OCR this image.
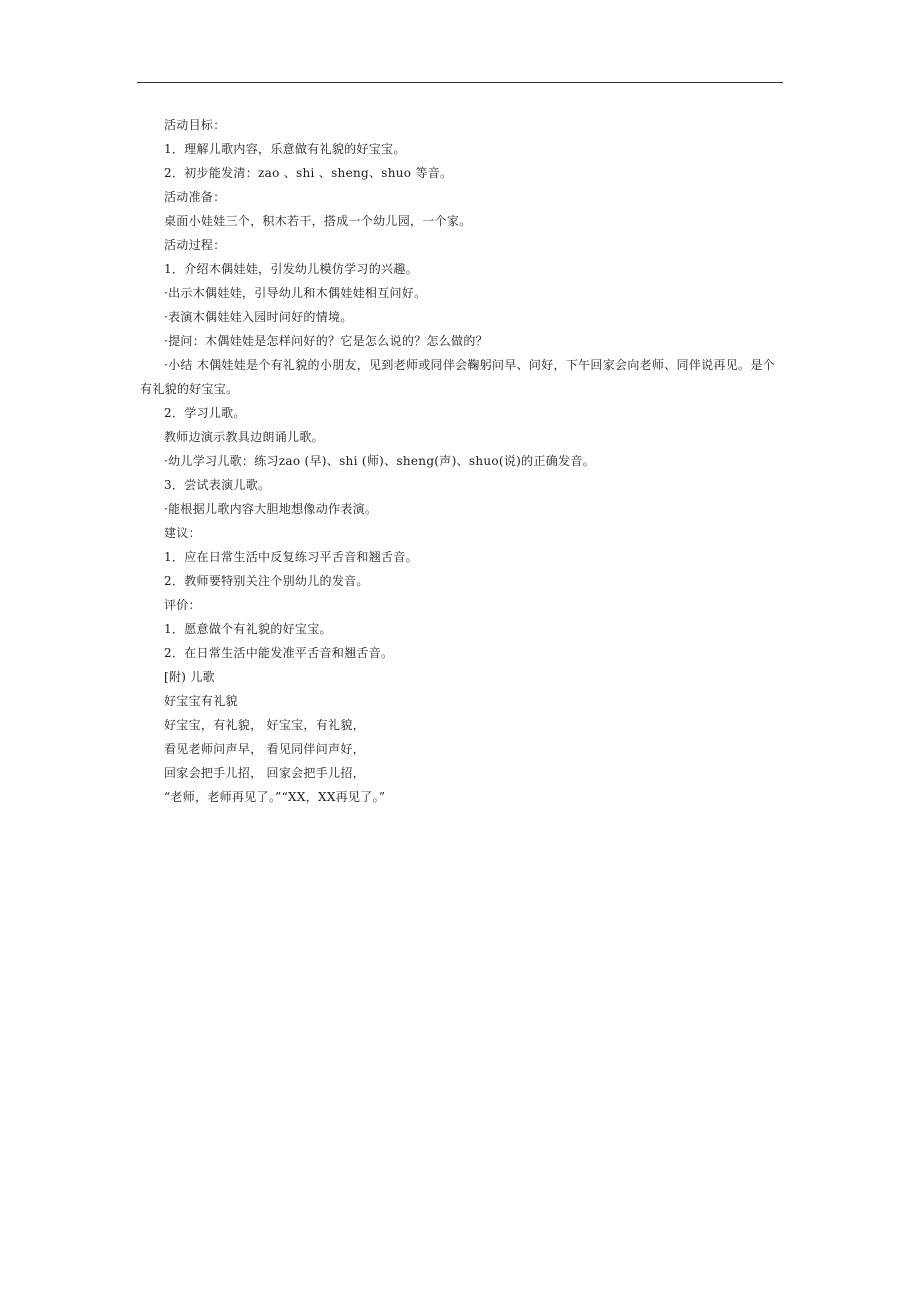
活动目标：
1．理解儿歌内容，乐意做有礼貌的好宝宝。
2．初步能发清：zao 、shi 、sheng、shuo 等音。
活动准备：
桌面小娃娃三个，积木若干，搭成一个幼儿园，一个家。
活动过程：
1．介绍木偶娃娃，引发幼儿模仿学习的兴趣。
·出示木偶娃娃，引导幼儿和木偶娃娃相互问好。
·表演木偶娃娃入园时问好的情境。
·提问：木偶娃娃是怎样问好的？它是怎么说的？怎么做的？
·小结 木偶娃娃是个有礼貌的小朋友，见到老师或同伴会鞠躬问早、问好，下午回家会向老师、同伴说再见。是个
有礼貌的好宝宝。
2．学习儿歌。
教师边演示教具边朗诵儿歌。
·幼儿学习儿歌：练习zao (早)、shi (师)、sheng(声)、shuo(说)的正确发音。
3．尝试表演儿歌。
·能根据儿歌内容大胆地想像动作表演。
建议：
1．应在日常生活中反复练习平舌音和翘舌音。
2．教师要特别关注个别幼儿的发音。
评价：
1．愿意做个有礼貌的好宝宝。
2．在日常生活中能发准平舌音和翘舌音。
[附) 儿歌
好宝宝有礼貌
好宝宝，有礼貌， 好宝宝，有礼貌，
看见老师问声早， 看见同伴问声好，
回家会把手儿招， 回家会把手儿招，
“老师，老师再见了。”“XX，XX再见了。”
